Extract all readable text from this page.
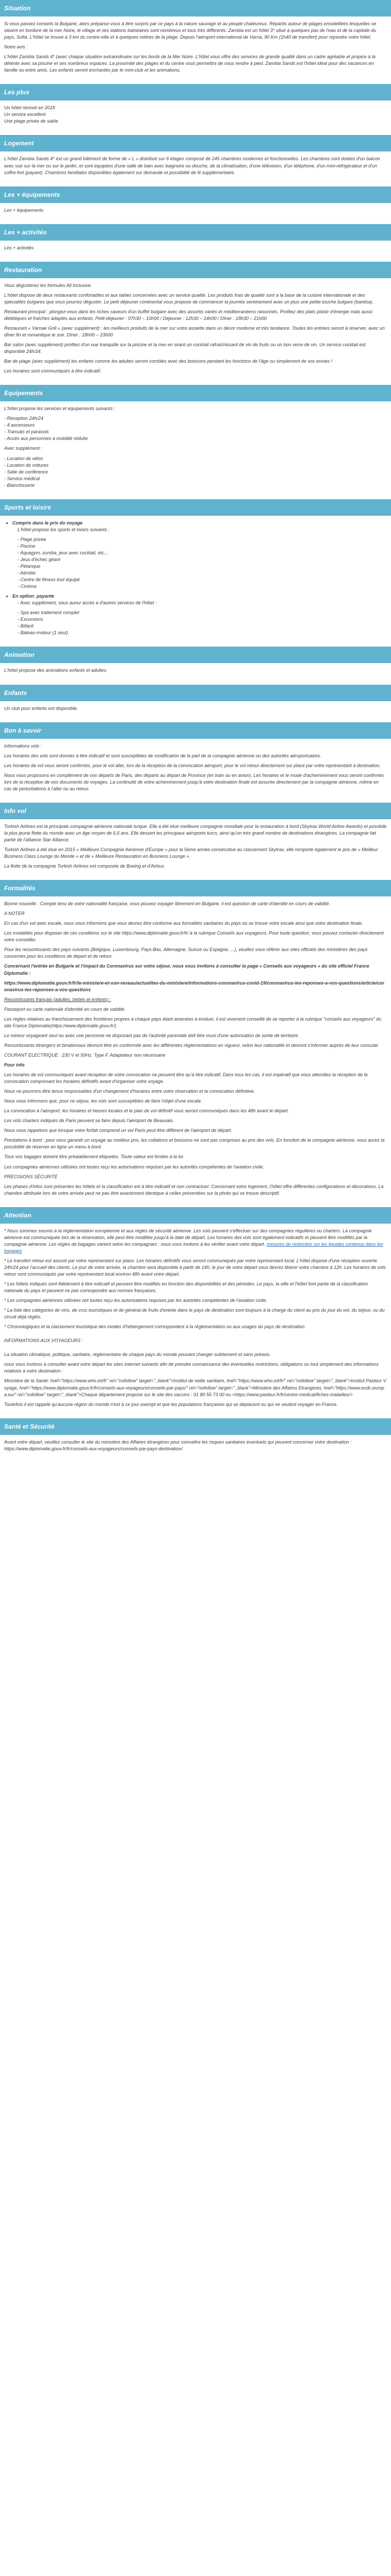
Situation

Si vous passez conseils la Bulgarie, alors préparez-vous à être surpris par ce pays à la nature sauvage et au peuple chaleureux. Répartis autour de plages ensoleillées lesquelles se situent en bordure de la mer Noire, le village et ses stations balnéaires sont nombreux et tous très différents. Zambia est un hôtel 3* situé à quelques pas de l'eau et de la capitale du pays, Sofia. L'hôtel se trouve à 3 km du centre-ville et à quelques mètres de la plage. Depuis l'aéroport international de Varna, 90 Km (1h40 de transfert) pour rejoindre votre hôtel.

Notre avis :

L'hôtel Zambia Sands 4* (avec chaque situation extraordinaire sur les bords de la Mer Noire. L'hôtel vous offre des services de grande qualité dans un cadre agréable et propice à la détente avec sa piscine et ses nombreux espaces. La proximité des plages et du centre vous permettra de vous rendre à pied. Zambia Sands est l'hôtel idéal pour des vacances en famille ou entre amis. Les enfants seront enchantés par le mini-club et les animations.

Les plus
Un hôtel rénové en 2018
Un service excellent
Une plage privée de sable
Logement

L'hôtel Zambia Sands 4* est un grand bâtiment de forme de « L » distribué sur 6 étages composé de 245 chambres modernes et fonctionnelles. Les chambres sont dotées d'un balcon avec vue sur la mer ou sur le jardin, et sont équipées d'une salle de bain avec baignoire ou douche, de la climatisation, d'une télévision, d'un téléphone, d'un mini-réfrigérateur et d'un coffre-fort (payant). Chambres familiales disponibles également sur demande et possibilité de lit supplémentaire.

Les + équipements

Les + équipements

Les + activités

Les + activités

Restauration

Vous dégusterez les formules All Inclusive.

L'hôtel dispose de deux restaurants confortables et aux tables concernées avec un service qualité. Les produits frais de qualité sont à la base de la cuisine internationale et des spécialités bulgares que vous pourrez déguster. Le petit déjeuner continental vous propose de commencer la journée sereinement avec un plus une petite touche bulgare (banitsa).

Restaurant principal : plongez-vous dans les riches saveurs d'un buffet bulgare avec des assortis variés et méditerranéens raisonnés. Profitez des plats plaisir d'énergie mais aussi diététiques et fraîches adaptés aux enfants. Petit-déjeuner : 07h30 – 10h00 / Déjeuner : 12h30 – 14h00 / Dîner : 18h30 – 21h00

Restaurant « Varnae Grill » (avec supplément) : les meilleurs produits de la mer sur votre assiette dans un décor moderne et très tendance. Toutes les entrées seront à réserver, avec un dîner fin et romantique le soir. Dîner : 18h00 – 23h00

Bar salon (avec supplément) profitez d'un vue tranquille sur la piscine et la mer en sirant un cocktail rafraîchissant de vin de fruits ou un bon verre de vin. Un service cocktail est disponible 24h/24.

Bar de plage (avec supplément) les enfants comme les adultes seront comblés avec des boissons pendant les fonctions de l'âge ou simplement de vos envies !

Les horaires sont communiqués à titre indicatif.

Equipements

L'hôtel propose les services et équipements suivants :

- Réception 24h/24
- 4 ascenseurs
- Transats et parasols
- Accès aux personnes à mobilité réduite

Avec supplément :

- Location de vélos
- Location de voitures
- Salle de conférence
- Service médical
- Blanchisserie
Sports et loisirs
• Compris dans le prix du voyage

L'hôtel propose les sports et loisirs suivants :

- Plage privée
- Piscine
- Aquagym, zumba, jeux avec cocktail, etc...
- Jeux d'échec géant
- Pétanque
- Aérobic
- Centre de fitness tout équipé
- Cinéma
• En option: payante

- Avec supplément, vous aurez accès à d'autres services de l'hôtel :

- Spa avec traitement complet
- Excursions
- Billard
- Bateau-moteur (1 seul)
Animation

L'hôtel propose des animations enfants et adultes.

Enfants

Un club pour enfants est disponible.

Bon à savoir

Informations vols :

Les horaires des vols sont donnés à titre indicatif et sont susceptibles de modification de la part de la compagnie aérienne ou des autorités aéroportuaires.

Les horaires de vol vous seront confirmés, pour le vol aller, lors de la réception de la convocation aéroport, pour le vol retour directement sur place par votre représentant à destination.

Nous vous proposons en complément de vos départs de Paris, des départs au départ de Province (en train ou en avion). Les horaires et le mode d'acheminement vous seront confirmés lors de la réception de vos documents de voyages. La continuité de votre acheminement jusqu'à votre destination finale est assurée directement par la compagnie aérienne, même en cas de perturbations à l'aller ou au retour.

Info vol

Turkish Airlines est la principale compagnie aérienne nationale turque. Elle a été élue meilleure compagnie mondiale pour la restauration à bord (Skytrax World Airline Awards) et possède la plus jeune flotte du monde avec un âge moyen de 6,5 ans. Elle dessert les principaux aéroports turcs, ainsi qu'un très grand nombre de destinations étrangères. La compagnie fait partie de l'alliance Star Alliance.

Turkish Airlines a été élue en 2015 « Meilleure Compagnie Aérienne d'Europe » pour la 5ème année consécutive au classement Skytrax, elle remporte également le prix de « Meilleur Business Class Lounge du Monde » et de « Meilleure Restauration en Business Lounge ».

La flotte de la compagnie Turkish Airlines est composée de Boeing et d'Airbus.

Formalités

Bonne nouvelle : Compte tenu de votre nationalité française, vous pouvez voyager librement en Bulgarie, il est question de carte d'identité en cours de validité.

A NOTER

En cas d'un vol avec escale, nous vous informons que vous devrez être conforme aux formalités sanitaires du pays où se trouve votre escale ainsi que votre destination finale.

Les modalités pour disposer de ces conditions sur le site https://www.diplomatie.gouv.fr/fr/ à la rubrique Conseils aux voyageurs. Pour toute question, vous pouvez contacter directement votre conseiller.

Pour les ressortissants des pays suivants (Belgique, Luxembourg, Pays-Bas, Allemagne, Suisse ou Espagne, ...), veuillez vous référer aux sites officiels des ministères des pays concernés pour les conditions de départ et de retour.

Concernant l'entrée en Bulgarie et l'impact du Coronavirus sur votre séjour, nous vous invitons à consulter la page « Conseils aux voyageurs » du site officiel France Diplomatie :

https://www.diplomatie.gouv.fr/fr/le-ministere-et-son-reseau/actualites-du-ministere/informations-coronavirus-covid-19/coronavirus-les-reponses-a-vos-questions/article/coronavirus-les-reponses-a-vos-questions

Ressortissants français (adultes, bébés et enfants) :

Passeport ou carte nationale d'identité en cours de validité.

Les règles relatives au franchissement des frontières propres à chaque pays étant amenées à évoluer, il est vivement conseillé de se reporter à la rubrique "conseils aux voyageurs" du site France Diplomatie(https://www.diplomatie.gouv.fr/).

Le mineur voyageant seul ou avec une personne ne disposant pas de l'autorité parentale doit être muni d'une autorisation de sortie de territoire.

Ressortissants étrangers et binationaux devront être en conformité avec les différentes réglementations en vigueur, selon leur nationalité et devront s'informer auprès de leur consulat.

COURANT ELECTRIQUE : 230 V et 50Hz. Type F. Adaptateur non nécessaire

Pour info

Les horaires de vol communiqués avant réception de votre convocation ne peuvent être qu'à titre indicatif. Dans tous les cas, il est impératif que vous attendiez la réception de la convocation comprenant les horaires définitifs avant d'organiser votre voyage.

Nous ne pourrons être tenus responsables d'un changement d'horaires entre votre réservation et la convocation définitive.

Nous vous informons que, pour ce séjour, les vols sont susceptibles de faire l'objet d'une escale.

La convocation à l'aéroport, les horaires et heures locales et le plan de vol définitif vous seront communiqués dans les 48h avant le départ.

Les vols charters indiqués de Paris peuvent se faire depuis l'aéroport de Beauvais.

Nous vous rappelons que lorsque votre forfait comprend un vol Paris peut être différent de l'aéroport de départ.

Prestations à bord : pour vous garantir un voyage au meilleur prix, les collations et boissons ne sont pas comprises au prix des vols. En fonction de la compagnie aérienne, vous aurez la possibilité de réserver en ligne un menu à bord.

Tous vos bagages doivent être préalablement étiquetés. Toute valeur est limitée à la loi.

Les compagnies aériennes utilisées ont toutes reçu les autorisations requises par les autorités compétentes de l'aviation civile.

PRÉCISIONS SÉCURITÉ

Les phases d'infos sont présentes les hôtels et la classification est à titre indicatif et non contractuel. Concernant votre logement, l'hôtel offre différentes configurations et décorations. La chambre attribuée lors de votre arrivée peut ne pas être exactement identique à celles présentées sur la photo qui se trouve descriptif.

Attention

* Nous sommes soumis à la réglementation européenne et aux règles de sécurité aérienne. Les vols peuvent s'effectuer sur des compagnies régulières ou charters. La compagnie aérienne est communiquée lors de la réservation, elle peut être modifiée jusqu'à la date de départ. Les horaires des vols sont également indicatifs et peuvent être modifiés par la compagnie aérienne. Les règles de bagages varient selon les compagnies : nous vous invitons à les vérifier avant votre départ. mesures de restriction sur les liquides contenus dans les bagages

* Le transfert retour est assuré par votre représentant sur place. Les horaires définitifs vous seront communiqués par notre représentant local. L'hôtel dispose d'une réception ouverte 24h/24 pour l'accueil des clients. Le jour de votre arrivée, la chambre sera disponible à partir de 14h, le jour de votre départ vous devrez libérer votre chambre à 12h. Les horaires de vols retour sont communiqués par votre représentant local environ 48h avant votre départ.

* Les hôtels indiqués sont fidèlement à titre indicatif et peuvent être modifiés en fonction des disponibilités et des périodes. Le pays, la ville et l'hôtel font partie de la classification nationale du pays et peuvent ne pas correspondre aux normes françaises.

* Les compagnies aériennes utilisées ont toutes reçu les autorisations requises par les autorités compétentes de l'aviation civile.

* La liste des catégories de vins, de crus touristiques et de général de fruits d'entrée dans le pays de destination sont toujours à la charge du client au prix du jour du vol, du séjour, ou du circuit déjà réglés.

* Chronologiques et la classement touristique des modes d'hébergement correspondent à la réglementation ou aux usages du pays de destination.

INFORMATIONS AUX VOYAGEURS :

La situation climatique, politique, sanitaire, réglementaire de chaque pays du monde pouvant changer subitement et sans préavis.

nous vous invitons à consulter avant votre départ les sites Internet suivants afin de prendre connaissance des éventuelles restrictions, obligations ou tout simplement des informations relatives à votre destination :

Ministère de la Santé: href="https://www.who.int/fr" rel="nofollow" target="_blank">Institut de veille sanitaire, href="https://www.who.int/fr/" rel="nofollow" target="_blank">Institut Pasteur Voyage, href="https://www.diplomatie.gouv.fr/fr/conseils-aux-voyageurs/conseils-par-pays/" rel="nofollow" target="_blank">Ministère des Affaires Etrangères, href="https://www.ecdc.europa.eu/" rel="nofollow" target="_blank">Chaque département propose sur le site des vaccins : 01 80 55 73 00 ou <https://www.pasteur.fr/fr/centre-medical/fiches-maladies/>

Toutefois il est rappelé qu'aucune région du monde n'est à ce jour exempt et que les populations françaises qui se déplacent ou qui ne veulent voyager en France.

Santé et Sécurité

Avant votre départ, veuillez consulter le site du ministère des Affaires étrangères pour connaître les risques sanitaires éventuels qui peuvent concerner votre destination : https://www.diplomatie.gouv.fr/fr/conseils-aux-voyageurs/conseils-par-pays-destination/
